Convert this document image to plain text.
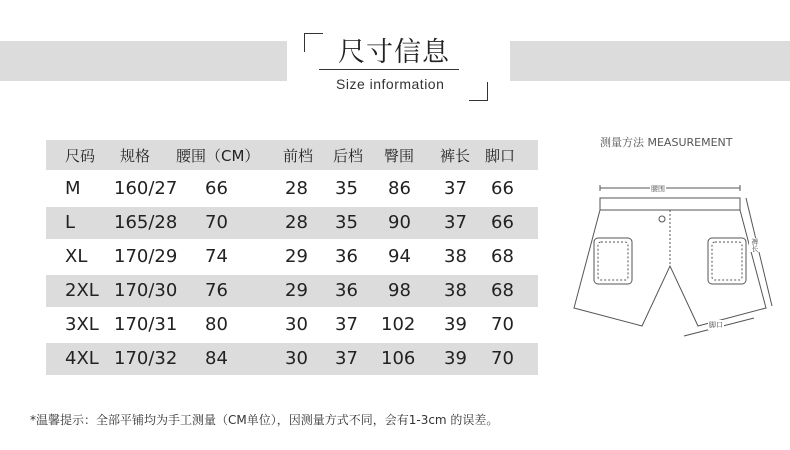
尺寸信息
Size information
尺码 规格 腰围（CM） 前档 后档 臀围 裤长 脚口
M 160/27 66	28 35 86 37 66
L 165/28 70	28 35 90 37 66
XL 170/29 74	29 36 94 38 68
2XL 170/30 76	29 36 98 38 68
3XL 170/31 80	30 37 102 39 70
4XL 170/32 84	30 37 106 39 70
测量方法 MEASUREMENT
腰围
裤长
脚口
*温馨提示：全部平铺均为手工测量（CM单位），因测量方式不同，会有1-3cm 的误差。
